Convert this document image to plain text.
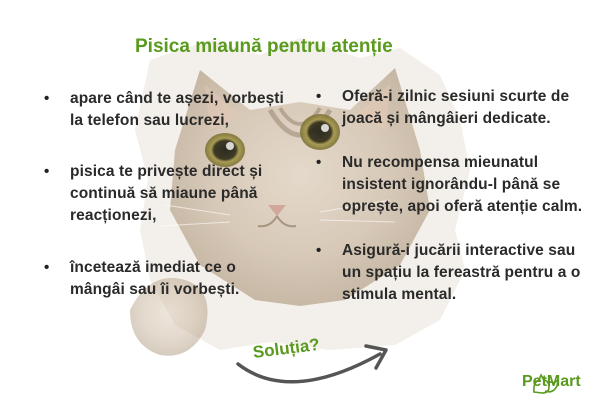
Pisica miaună pentru atenție
• apare când te așezi, vorbești la telefon sau lucrezi,
• pisica te privește direct și continuă să miaune până reacționezi,
• încetează imediat ce o mângâi sau îi vorbești.
• Oferă-i zilnic sesiuni scurte de joacă și mângâieri dedicate.
• Nu recompensa mieunatul insistent ignorându-l până se oprește, apoi oferă atenție calm.
• Asigură-i jucării interactive sau un spațiu la fereastră pentru a o stimula mental.
Soluția?
PetMart
